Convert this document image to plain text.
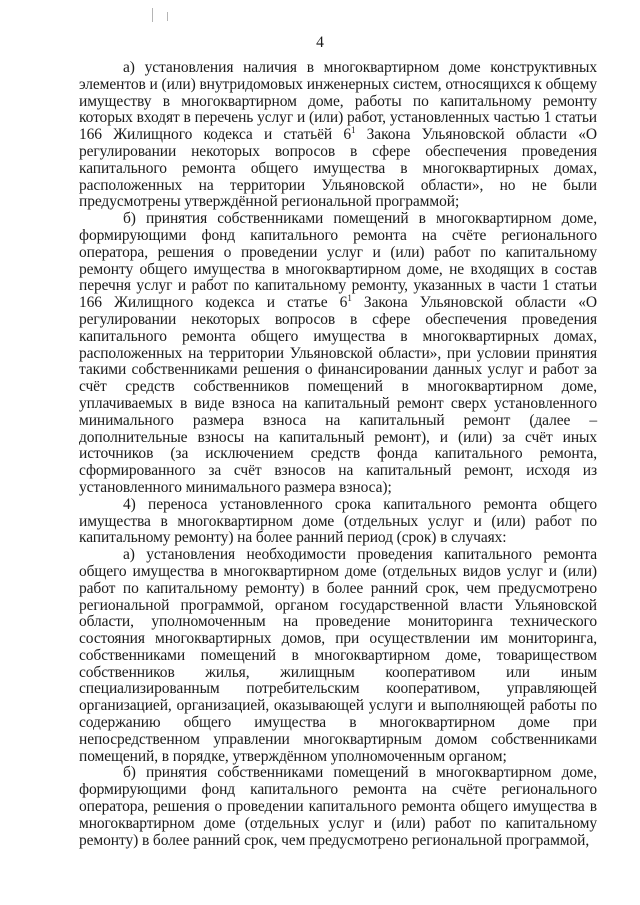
4

а) установления наличия в многоквартирном доме конструктивных элементов и (или) внутридомовых инженерных систем, относящихся к общему имуществу в многоквартирном доме, работы по капитальному ремонту которых входят в перечень услуг и (или) работ, установленных частью 1 статьи 166 Жилищного кодекса и статьёй $6^1$ Закона Ульяновской области «О регулировании некоторых вопросов в сфере обеспечения проведения капитального ремонта общего имущества в многоквартирных домах, расположенных на территории Ульяновской области», но не были предусмотрены утверждённой региональной программой;

б) принятия собственниками помещений в многоквартирном доме, формирующими фонд капитального ремонта на счёте регионального оператора, решения о проведении услуг и (или) работ по капитальному ремонту общего имущества в многоквартирном доме, не входящих в состав перечня услуг и работ по капитальному ремонту, указанных в части 1 статьи 166 Жилищного кодекса и статье $6^1$ Закона Ульяновской области «О регулировании некоторых вопросов в сфере обеспечения проведения капитального ремонта общего имущества в многоквартирных домах, расположенных на территории Ульяновской области», при условии принятия такими собственниками решения о финансировании данных услуг и работ за счёт средств собственников помещений в многоквартирном доме, уплачиваемых в виде взноса на капитальный ремонт сверх установленного минимального размера взноса на капитальный ремонт (далее – дополнительные взносы на капитальный ремонт), и (или) за счёт иных источников (за исключением средств фонда капитального ремонта, сформированного за счёт взносов на капитальный ремонт, исходя из установленного минимального размера взноса);

4) переноса установленного срока капитального ремонта общего имущества в многоквартирном доме (отдельных услуг и (или) работ по капитальному ремонту) на более ранний период (срок) в случаях:

а) установления необходимости проведения капитального ремонта общего имущества в многоквартирном доме (отдельных видов услуг и (или) работ по капитальному ремонту) в более ранний срок, чем предусмотрено региональной программой, органом государственной власти Ульяновской области, уполномоченным на проведение мониторинга технического состояния многоквартирных домов, при осуществлении им мониторинга, собственниками помещений в многоквартирном доме, товариществом собственников жилья, жилищным кооперативом или иным специализированным потребительским кооперативом, управляющей организацией, организацией, оказывающей услуги и выполняющей работы по содержанию общего имущества в многоквартирном доме при непосредственном управлении многоквартирным домом собственниками помещений, в порядке, утверждённом уполномоченным органом;

б) принятия собственниками помещений в многоквартирном доме, формирующими фонд капитального ремонта на счёте регионального оператора, решения о проведении капитального ремонта общего имущества в многоквартирном доме (отдельных услуг и (или) работ по капитальному ремонту) в более ранний срок, чем предусмотрено региональной программой,
